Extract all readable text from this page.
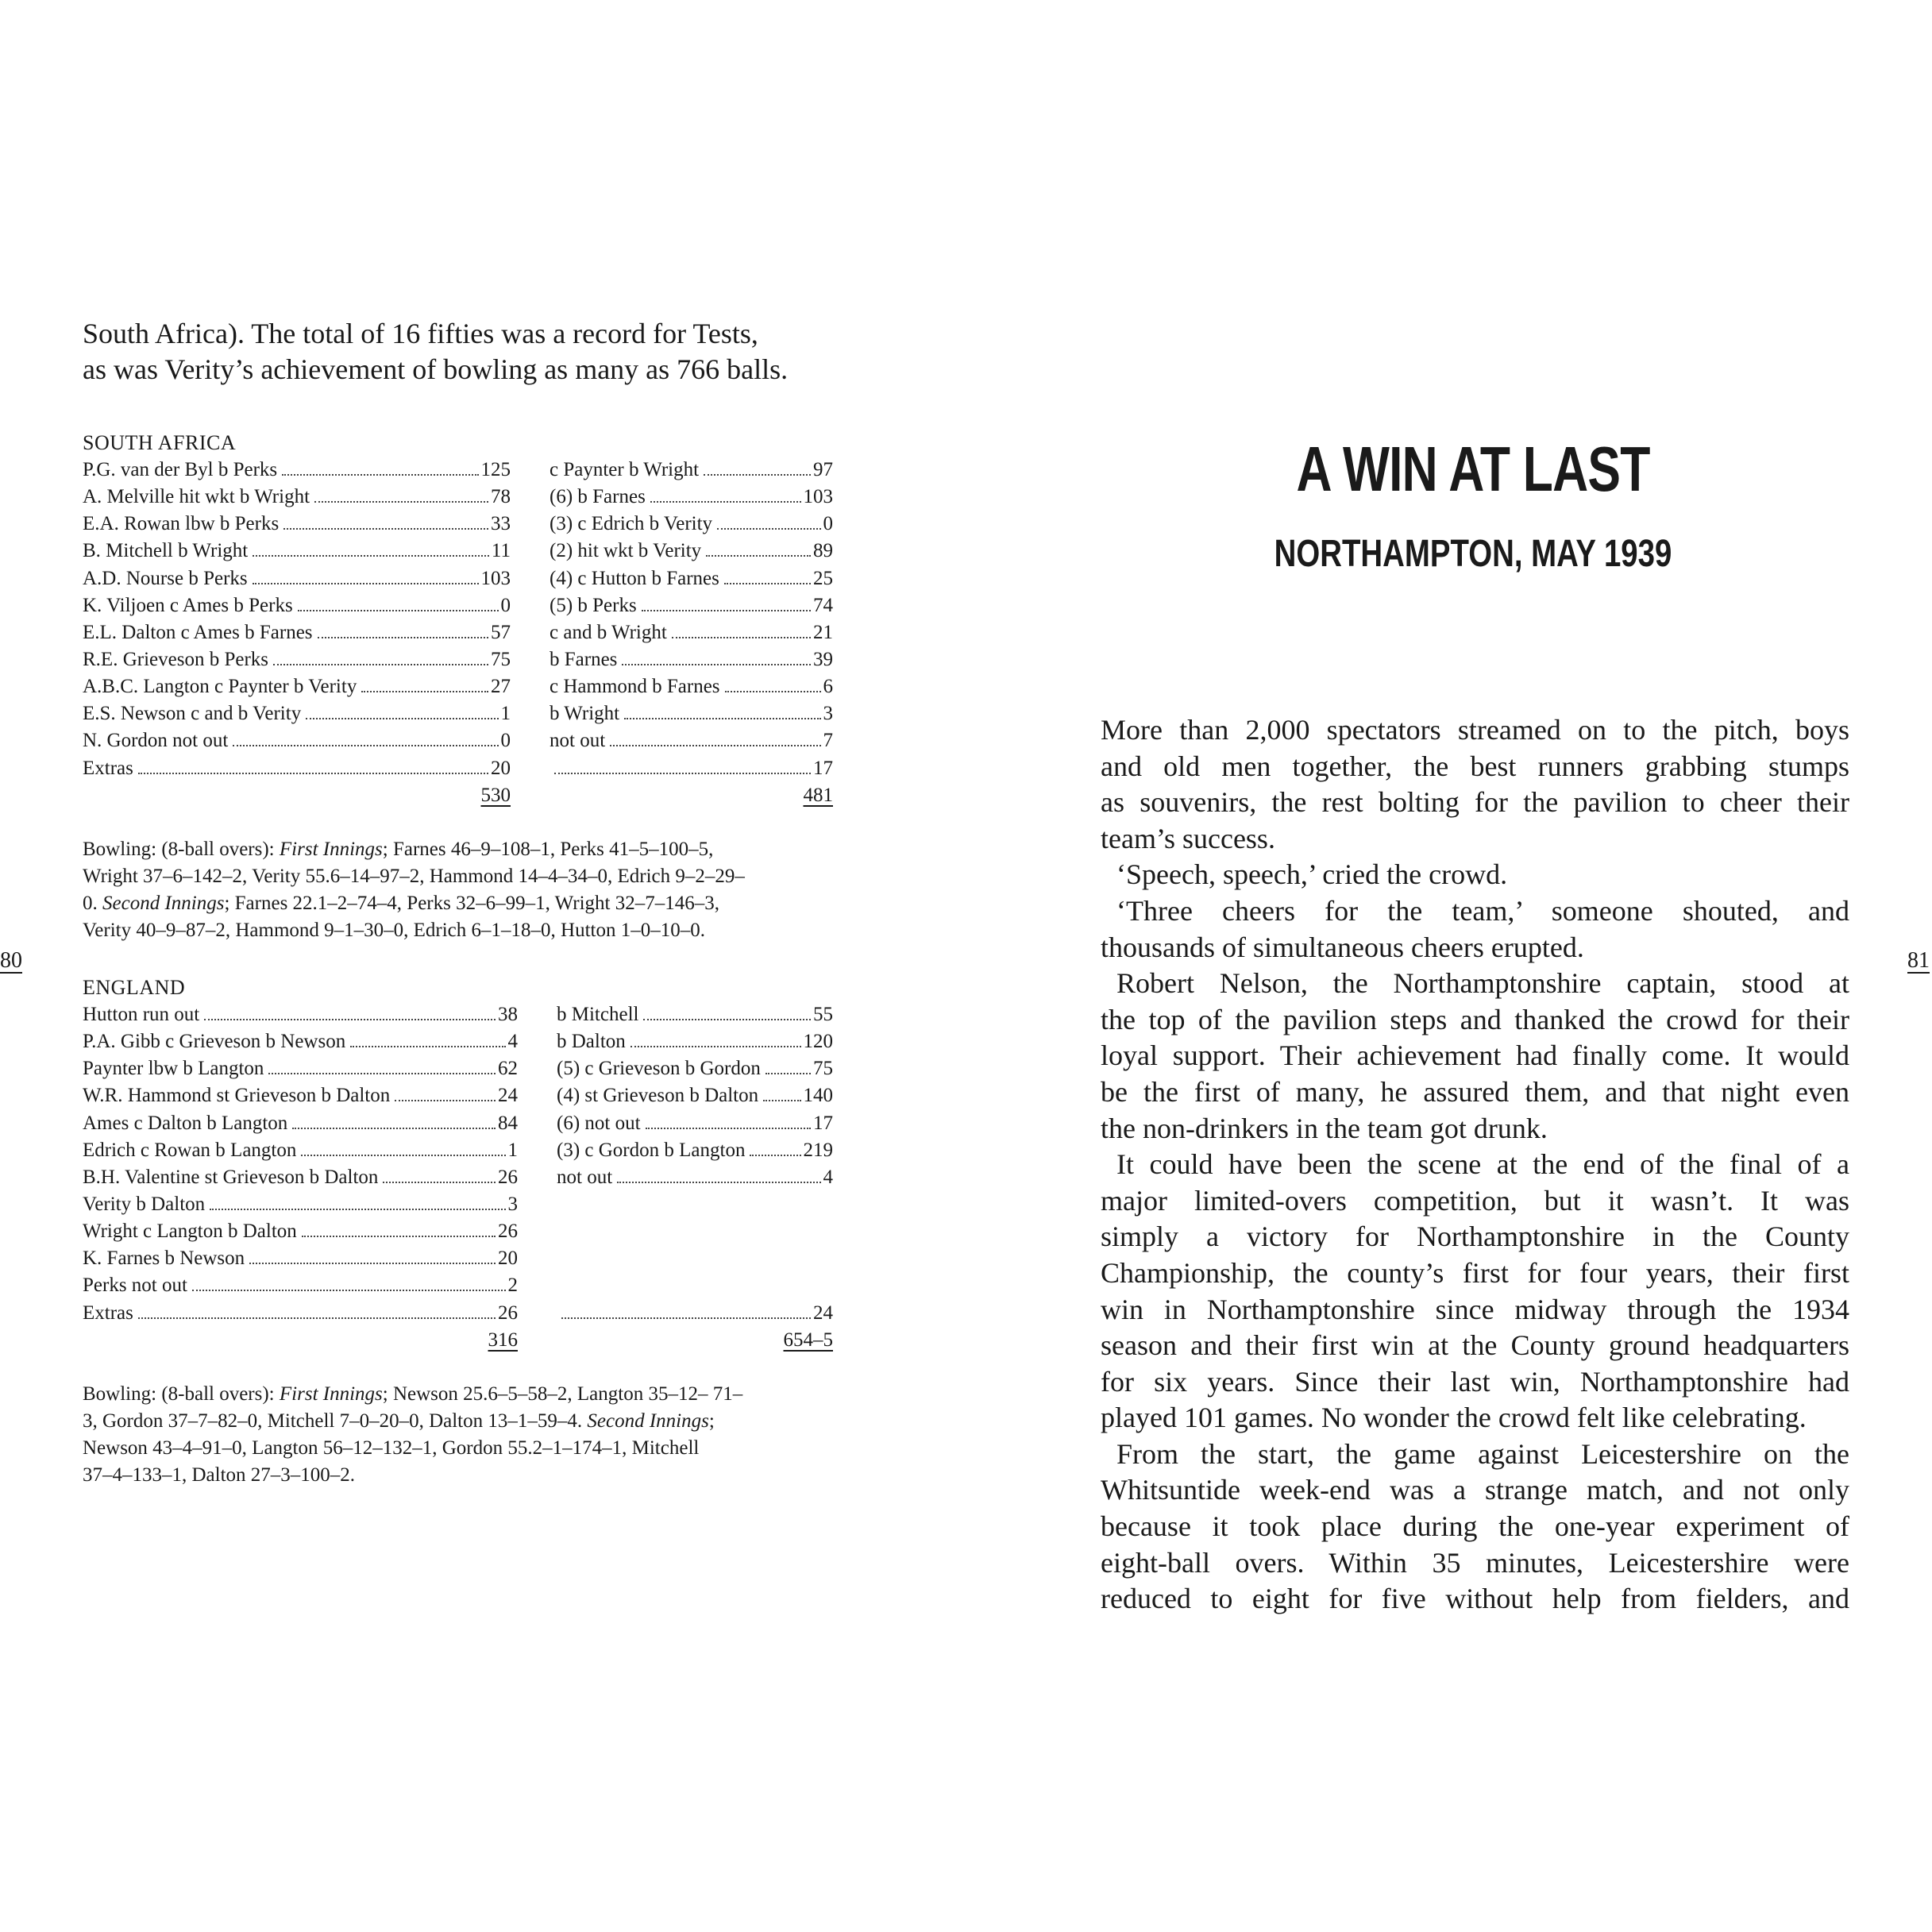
80	81
South Africa). The total of 16 fifties was a record for Tests,
as was Verity’s achievement of bowling as many as 766 balls.
SOUTH AFRICA
P.G. van der Byl b Perks	125
A. Melville hit wkt b Wright	78
E.A. Rowan lbw b Perks	33
B. Mitchell b Wright	11
A.D. Nourse b Perks	103
K. Viljoen c Ames b Perks	0
E.L. Dalton c Ames b Farnes	57
R.E. Grieveson b Perks	75
A.B.C. Langton c Paynter b Verity	27
E.S. Newson c and b Verity	1
N. Gordon not out	0
Extras	20
530
c Paynter b Wright	97
(6) b Farnes	103
(3) c Edrich b Verity	0
(2) hit wkt b Verity	89
(4) c Hutton b Farnes	25
(5) b Perks	74
c and b Wright	21
b Farnes	39
c Hammond b Farnes	6
b Wright	3
not out	7
17
481
Bowling: (8-ball overs): First Innings; Farnes 46–9–108–1, Perks 41–5–100–5,
Wright 37–6–142–2, Verity 55.6–14–97–2, Hammond 14–4–34–0, Edrich 9–2–29–
0. Second Innings; Farnes 22.1–2–74–4, Perks 32–6–99–1, Wright 32–7–146–3,
Verity 40–9–87–2, Hammond 9–1–30–0, Edrich 6–1–18–0, Hutton 1–0–10–0.
ENGLAND
Hutton run out	38
P.A. Gibb c Grieveson b Newson	4
Paynter lbw b Langton	62
W.R. Hammond st Grieveson b Dalton	24
Ames c Dalton b Langton	84
Edrich c Rowan b Langton	1
B.H. Valentine st Grieveson b Dalton	26
Verity b Dalton	3
Wright c Langton b Dalton	26
K. Farnes b Newson	20
Perks not out	2
Extras	26
316
b Mitchell	55
b Dalton	120
(5) c Grieveson b Gordon	75
(4) st Grieveson b Dalton 140
(6) not out	17
(3) c Gordon b Langton	219
not out	4
24
654–5
Bowling: (8-ball overs): First Innings; Newson 25.6–5–58–2, Langton 35–12– 71–
3, Gordon 37–7–82–0, Mitchell 7–0–20–0, Dalton 13–1–59–4. Second Innings;
Newson 43–4–91–0, Langton 56–12–132–1, Gordon 55.2–1–174–1, Mitchell
37–4–133–1, Dalton 27–3–100–2.
A WIN AT LAST
NORTHAMPTON, MAY 1939
More than 2,000 spectators streamed on to the pitch, boys
and old men together, the best runners grabbing stumps
as souvenirs, the rest bolting for the pavilion to cheer their
team’s success.
‘Speech, speech,’ cried the crowd.
‘Three cheers for the team,’ someone shouted, and
thousands of simultaneous cheers erupted.
Robert Nelson, the Northamptonshire captain, stood at
the top of the pavilion steps and thanked the crowd for their
loyal support. Their achievement had finally come. It would
be the first of many, he assured them, and that night even
the non-drinkers in the team got drunk.
It could have been the scene at the end of the final of a
major limited-overs competition, but it wasn’t. It was
simply a victory for Northamptonshire in the County
Championship, the county’s first for four years, their first
win in Northamptonshire since midway through the 1934
season and their first win at the County ground headquarters
for six years. Since their last win, Northamptonshire had
played 101 games. No wonder the crowd felt like celebrating.
From the start, the game against Leicestershire on the
Whitsuntide week-end was a strange match, and not only
because it took place during the one-year experiment of
eight-ball overs. Within 35 minutes, Leicestershire were
reduced to eight for five without help from fielders, and
